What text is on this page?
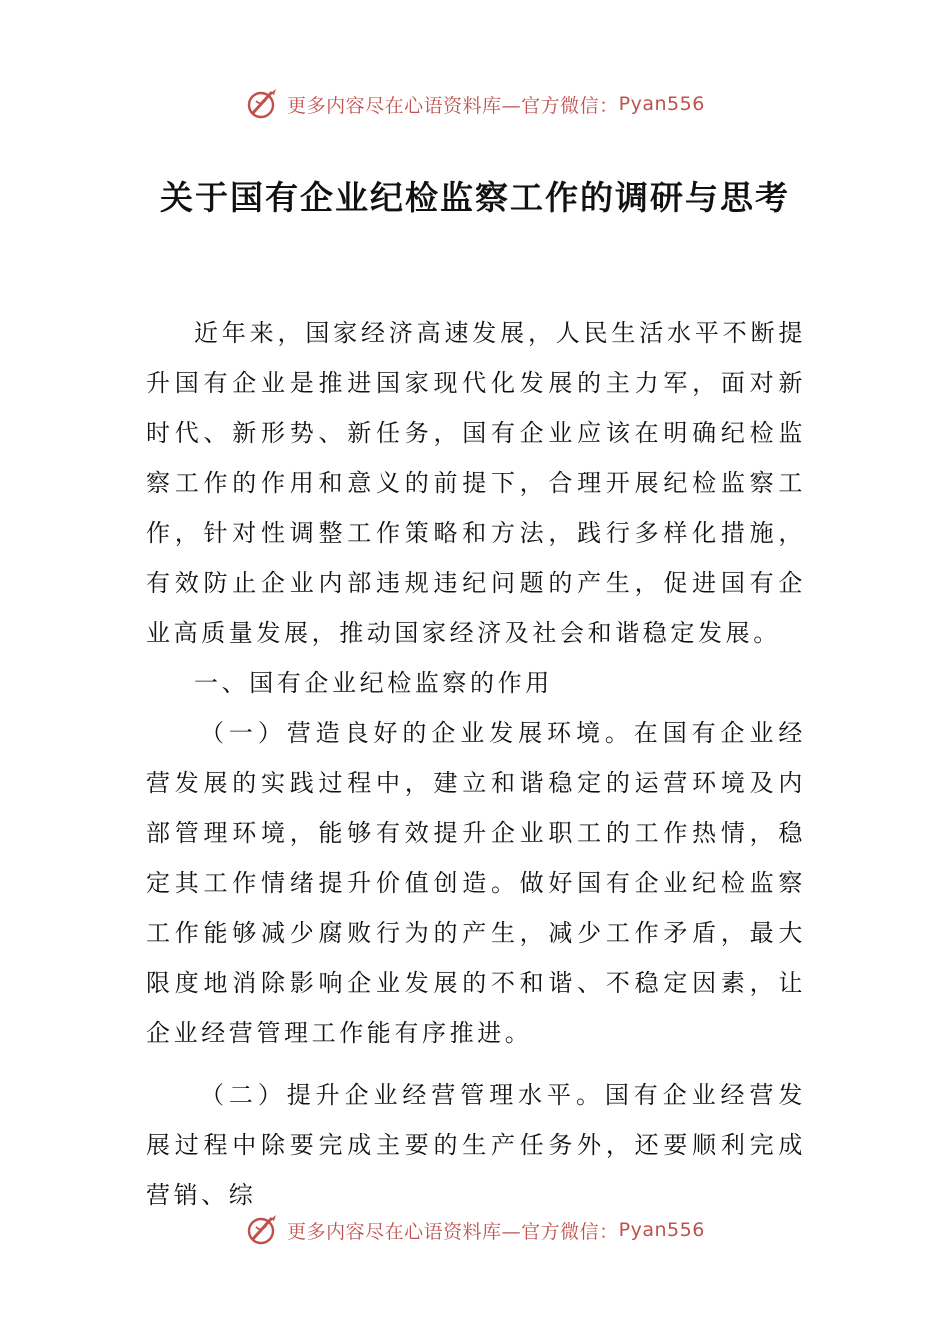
更多内容尽在心语资料库—官方微信： Pyan556
关于国有企业纪检监察工作的调研与思考

近年来，国家经济高速发展，人民生活水平不断提升国有企业是推进国家现代化发展的主力军，面对新时代、新形势、新任务，国有企业应该在明确纪检监察工作的作用和意义的前提下，合理开展纪检监察工作，针对性调整工作策略和方法，践行多样化措施，有效防止企业内部违规违纪问题的产生，促进国有企业高质量发展，推动国家经济及社会和谐稳定发展。

一、国有企业纪检监察的作用

（一）营造良好的企业发展环境。在国有企业经营发展的实践过程中，建立和谐稳定的运营环境及内部管理环境，能够有效提升企业职工的工作热情，稳定其工作情绪提升价值创造。做好国有企业纪检监察工作能够减少腐败行为的产生，减少工作矛盾，最大限度地消除影响企业发展的不和谐、不稳定因素，让企业经营管理工作能有序推进。

（二）提升企业经营管理水平。国有企业经营发展过程中除要完成主要的生产任务外，还要顺利完成营销、综

更多内容尽在心语资料库—官方微信： Pyan556
